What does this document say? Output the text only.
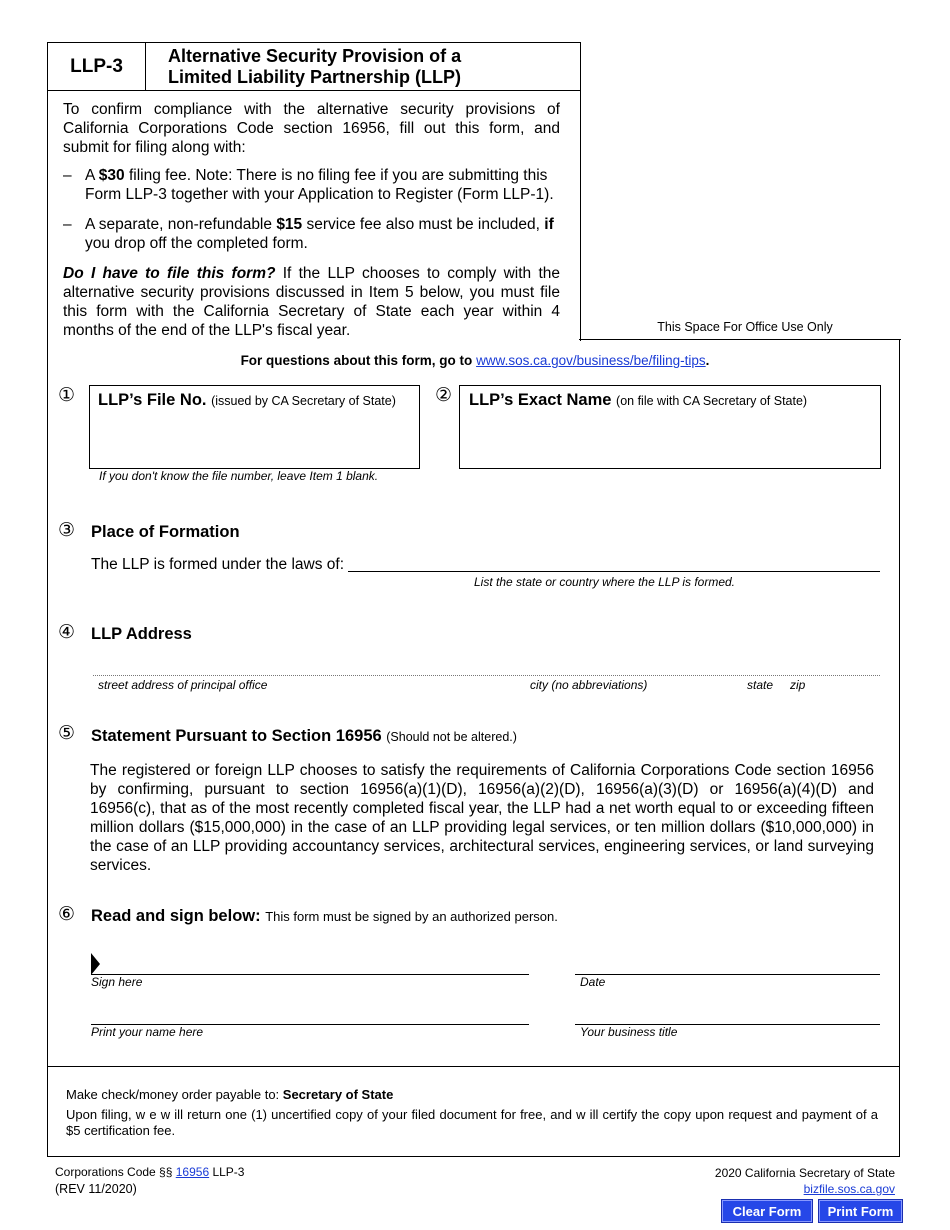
LLP-3	Alternative Security Provision of a
Limited Liability Partnership (LLP)
To confirm compliance with the alternative security provisions of California Corporations Code section 16956, fill out this form, and submit for filing along with:
– A $30 filing fee. Note: There is no filing fee if you are submitting this Form LLP-3 together with your Application to Register (Form LLP-1).
– A separate, non-refundable $15 service fee also must be included, if you drop off the completed form.
Do I have to file this form? If the LLP chooses to comply with the alternative security provisions discussed in Item 5 below, you must file this form with the California Secretary of State each year within 4 months of the end of the LLP's fiscal year.	This Space For Office Use Only
For questions about this form, go to www.sos.ca.gov/business/be/filing-tips.
① LLP’s File No. (issued by CA Secretary of State)
If you don't know the file number, leave Item 1 blank.
② LLP’s Exact Name (on file with CA Secretary of State)
③ Place of Formation
The LLP is formed under the laws of:
List the state or country where the LLP is formed.
④ LLP Address
street address of principal office	city (no abbreviations)	state zip
⑤ Statement Pursuant to Section 16956 (Should not be altered.)
The registered or foreign LLP chooses to satisfy the requirements of California Corporations Code section 16956 by confirming, pursuant to section 16956(a)(1)(D), 16956(a)(2)(D), 16956(a)(3)(D) or 16956(a)(4)(D) and 16956(c), that as of the most recently completed fiscal year, the LLP had a net worth equal to or exceeding fifteen million dollars ($15,000,000) in the case of an LLP providing legal services, or ten million dollars ($10,000,000) in the case of an LLP providing accountancy services, architectural services, engineering services, or land surveying services.
⑥ Read and sign below: This form must be signed by an authorized person.
Sign here	Date
Print your name here	Your business title
Make check/money order payable to: Secretary of State
Upon filing, w e w ill return one (1) uncertified copy of your filed document for free, and w ill certify the copy upon request and payment of a $5 certification fee.
Corporations Code §§ 16956 LLP-3
(REV 11/2020)
2020 California Secretary of State
bizfile.sos.ca.gov
Clear Form	Print Form
